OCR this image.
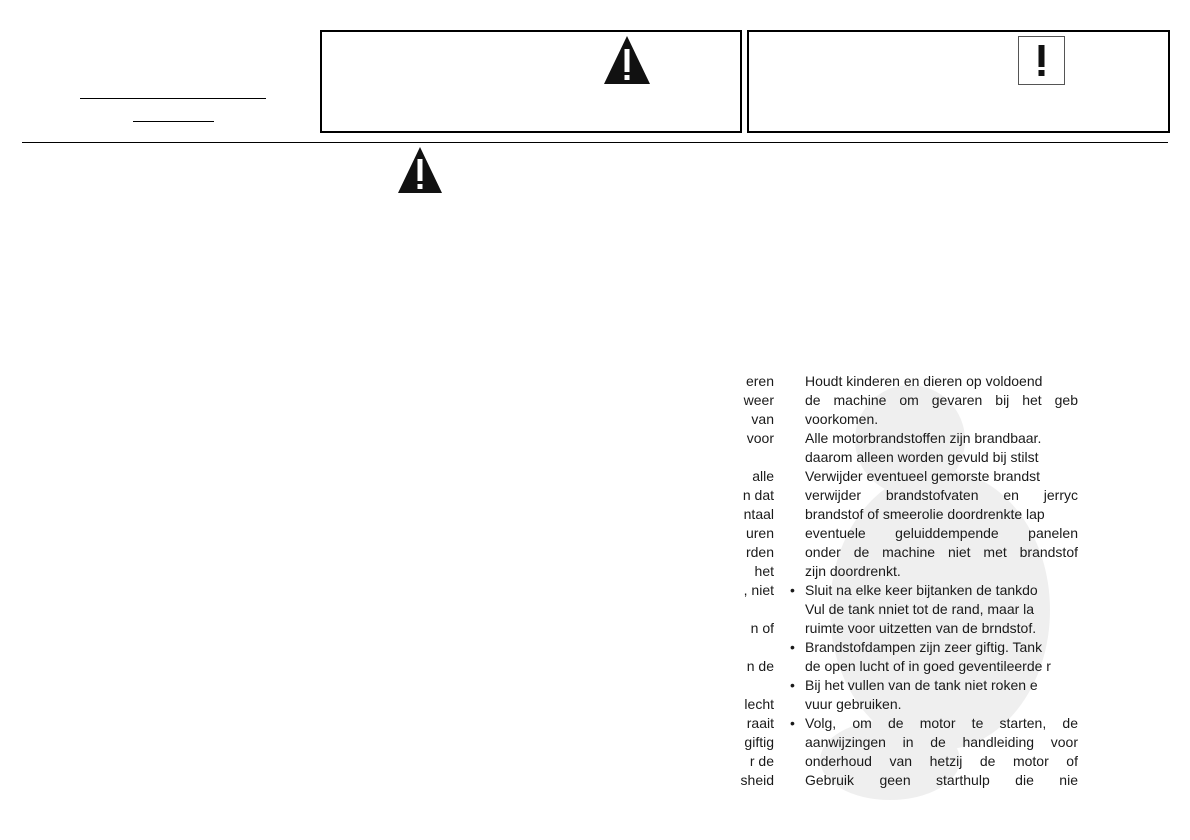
eren
weer
van
voor
alle
n dat
ntaal
uren
rden
het
, niet
n of
n de
lecht
raait
giftig
r de
sheid
Houdt kinderen en dieren op voldoend
de machine om gevaren bij het geb
voorkomen.
Alle motorbrandstoffen zijn brandbaar.
daarom alleen worden gevuld bij stilst
Verwijder eventueel gemorste brandst
verwijder brandstofvaten en jerryc
brandstof of smeerolie doordrenkte lap
eventuele geluiddempende panelen
onder de machine niet met brandstof
zijn doordrenkt.
• Sluit na elke keer bijtanken de tankdo
Vul de tank nniet tot de rand, maar la
ruimte voor uitzetten van de brndstof.
• Brandstofdampen zijn zeer giftig. Tank
de open lucht of in goed geventileerde r
• Bij het vullen van de tank niet roken e
vuur gebruiken.
• Volg, om de motor te starten, de
aanwijzingen in de handleiding voor
onderhoud van hetzij de motor of
Gebruik geen starthulp die nie
